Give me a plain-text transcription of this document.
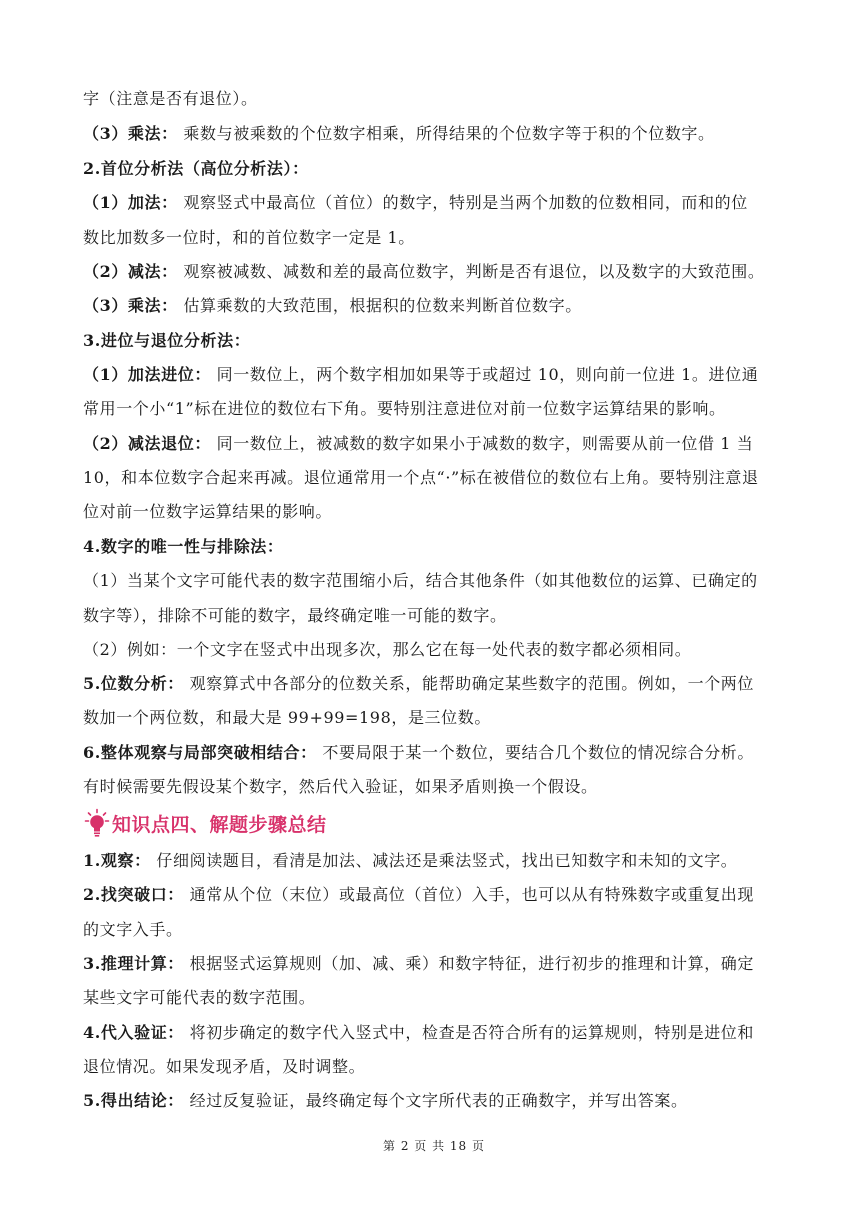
字（注意是否有退位）。
（3）乘法： 乘数与被乘数的个位数字相乘，所得结果的个位数字等于积的个位数字。
2.首位分析法（高位分析法）：
（1）加法： 观察竖式中最高位（首位）的数字，特别是当两个加数的位数相同，而和的位
数比加数多一位时，和的首位数字一定是 1。
（2）减法： 观察被减数、减数和差的最高位数字，判断是否有退位，以及数字的大致范围。
（3）乘法： 估算乘数的大致范围，根据积的位数来判断首位数字。
3.进位与退位分析法：
（1）加法进位： 同一数位上，两个数字相加如果等于或超过 10，则向前一位进 1。进位通
常用一个小“1”标在进位的数位右下角。要特别注意进位对前一位数字运算结果的影响。
（2）减法退位： 同一数位上，被减数的数字如果小于减数的数字，则需要从前一位借 1 当
10，和本位数字合起来再减。退位通常用一个点“·”标在被借位的数位右上角。要特别注意退
位对前一位数字运算结果的影响。
4.数字的唯一性与排除法：
（1）当某个文字可能代表的数字范围缩小后，结合其他条件（如其他数位的运算、已确定的
数字等），排除不可能的数字，最终确定唯一可能的数字。
（2）例如：一个文字在竖式中出现多次，那么它在每一处代表的数字都必须相同。
5.位数分析： 观察算式中各部分的位数关系，能帮助确定某些数字的范围。例如，一个两位
数加一个两位数，和最大是 99+99=198，是三位数。
6.整体观察与局部突破相结合： 不要局限于某一个数位，要结合几个数位的情况综合分析。
有时候需要先假设某个数字，然后代入验证，如果矛盾则换一个假设。
1.观察： 仔细阅读题目，看清是加法、减法还是乘法竖式，找出已知数字和未知的文字。
2.找突破口： 通常从个位（末位）或最高位（首位）入手，也可以从有特殊数字或重复出现
的文字入手。
3.推理计算： 根据竖式运算规则（加、减、乘）和数字特征，进行初步的推理和计算，确定
某些文字可能代表的数字范围。
4.代入验证： 将初步确定的数字代入竖式中，检查是否符合所有的运算规则，特别是进位和
退位情况。如果发现矛盾，及时调整。
5.得出结论： 经过反复验证，最终确定每个文字所代表的正确数字，并写出答案。
知识点四、解题步骤总结
第 2 页 共 18 页
